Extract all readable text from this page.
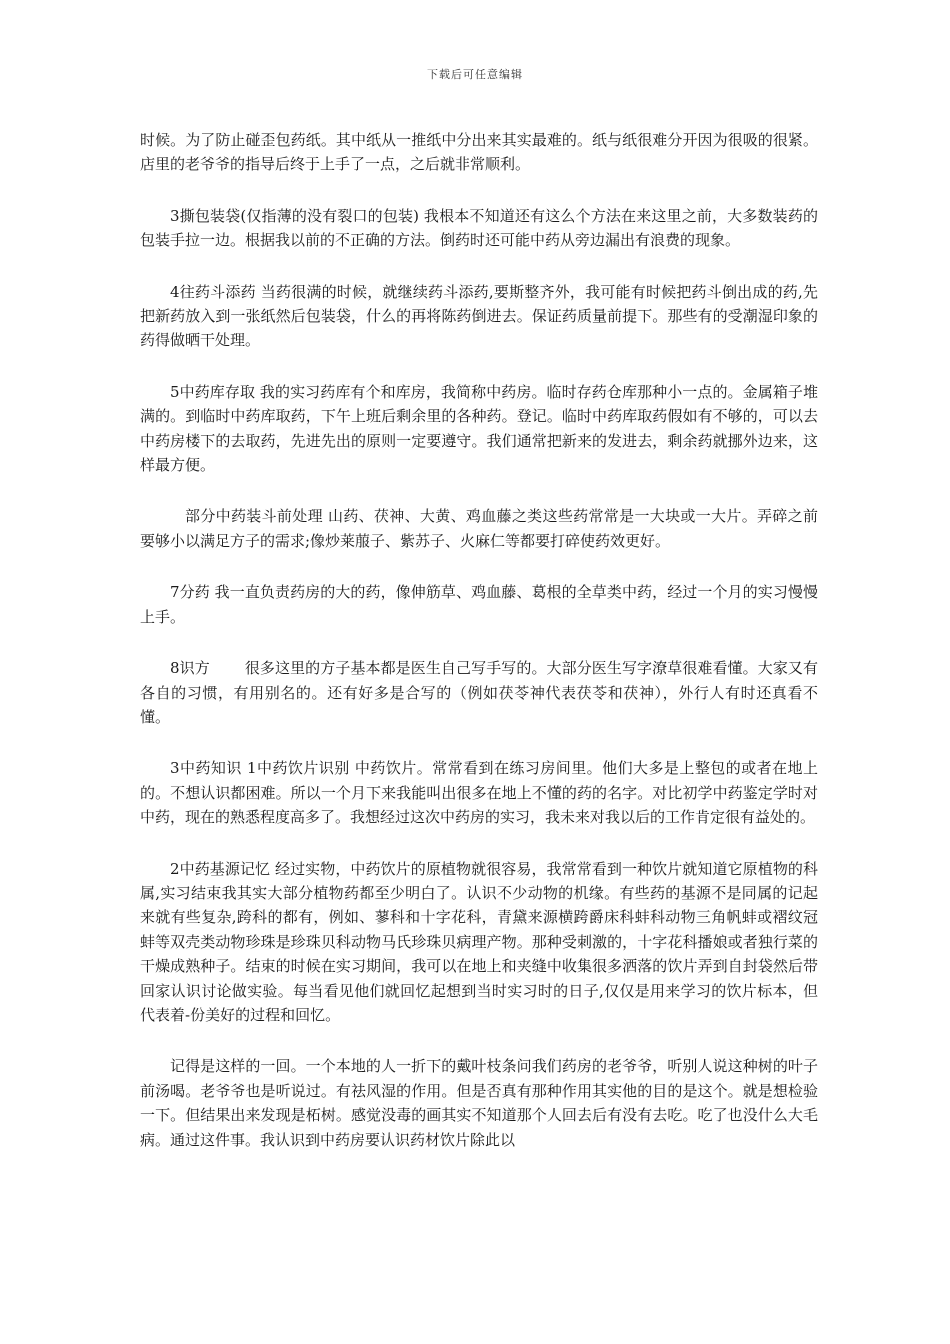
下载后可任意编辑

时候。为了防止碰歪包药纸。其中纸从一推纸中分出来其实最难的。纸与纸很难分开因为很吸的很紧。店里的老爷爷的指导后终于上手了一点，之后就非常顺利。

3撕包装袋(仅指薄的没有裂口的包装) 我根本不知道还有这么个方法在来这里之前，大多数装药的包装手拉一边。根据我以前的不正确的方法。倒药时还可能中药从旁边漏出有浪费的现象。

4往药斗添药 当药很满的时候，就继续药斗添药,要斯整齐外，我可能有时候把药斗倒出成的药,先把新药放入到一张纸然后包装袋，什么的再将陈药倒进去。保证药质量前提下。那些有的受潮湿印象的药得做晒干处理。

5中药库存取 我的实习药库有个和库房，我简称中药房。临时存药仓库那种小一点的。金属箱子堆满的。到临时中药库取药，下午上班后剩余里的各种药。登记。临时中药库取药假如有不够的，可以去中药房楼下的去取药，先进先出的原则一定要遵守。我们通常把新来的发进去，剩余药就挪外边来，这样最方便。

部分中药装斗前处理 山药、茯神、大黄、鸡血藤之类这些药常常是一大块或一大片。弄碎之前要够小以满足方子的需求;像炒莱菔子、紫苏子、火麻仁等都要打碎使药效更好。

7分药 我一直负责药房的大的药，像伸筋草、鸡血藤、葛根的全草类中药，经过一个月的实习慢慢上手。

8识方　　 很多这里的方子基本都是医生自己写手写的。大部分医生写字潦草很难看懂。大家又有各自的习惯，有用别名的。还有好多是合写的（例如茯苓神代表茯苓和茯神），外行人有时还真看不懂。

3中药知识 1中药饮片识别 中药饮片。常常看到在练习房间里。他们大多是上整包的或者在地上的。不想认识都困难。所以一个月下来我能叫出很多在地上不懂的药的名字。对比初学中药鉴定学时对中药，现在的熟悉程度高多了。我想经过这次中药房的实习，我未来对我以后的工作肯定很有益处的。

2中药基源记忆 经过实物，中药饮片的原植物就很容易，我常常看到一种饮片就知道它原植物的科属,实习结束我其实大部分植物药都至少明白了。认识不少动物的机缘。有些药的基源不是同属的记起来就有些复杂,跨科的都有，例如、蓼科和十字花科，青黛来源横跨爵床科蚌科动物三角帆蚌或褶纹冠蚌等双壳类动物珍珠是珍珠贝科动物马氏珍珠贝病理产物。那种受刺激的，十字花科播娘或者独行菜的干燥成熟种子。结束的时候在实习期间，我可以在地上和夹缝中收集很多洒落的饮片弄到自封袋然后带回家认识讨论做实验。每当看见他们就回忆起想到当时实习时的日子,仅仅是用来学习的饮片标本，但代表着-份美好的过程和回忆。

记得是这样的一回。一个本地的人一折下的戴叶枝条问我们药房的老爷爷，听别人说这种树的叶子前汤喝。老爷爷也是听说过。有祛风湿的作用。但是否真有那种作用其实他的目的是这个。就是想检验一下。但结果出来发现是柘树。感觉没毒的画其实不知道那个人回去后有没有去吃。吃了也没什么大毛病。通过这件事。我认识到中药房要认识药材饮片除此以
